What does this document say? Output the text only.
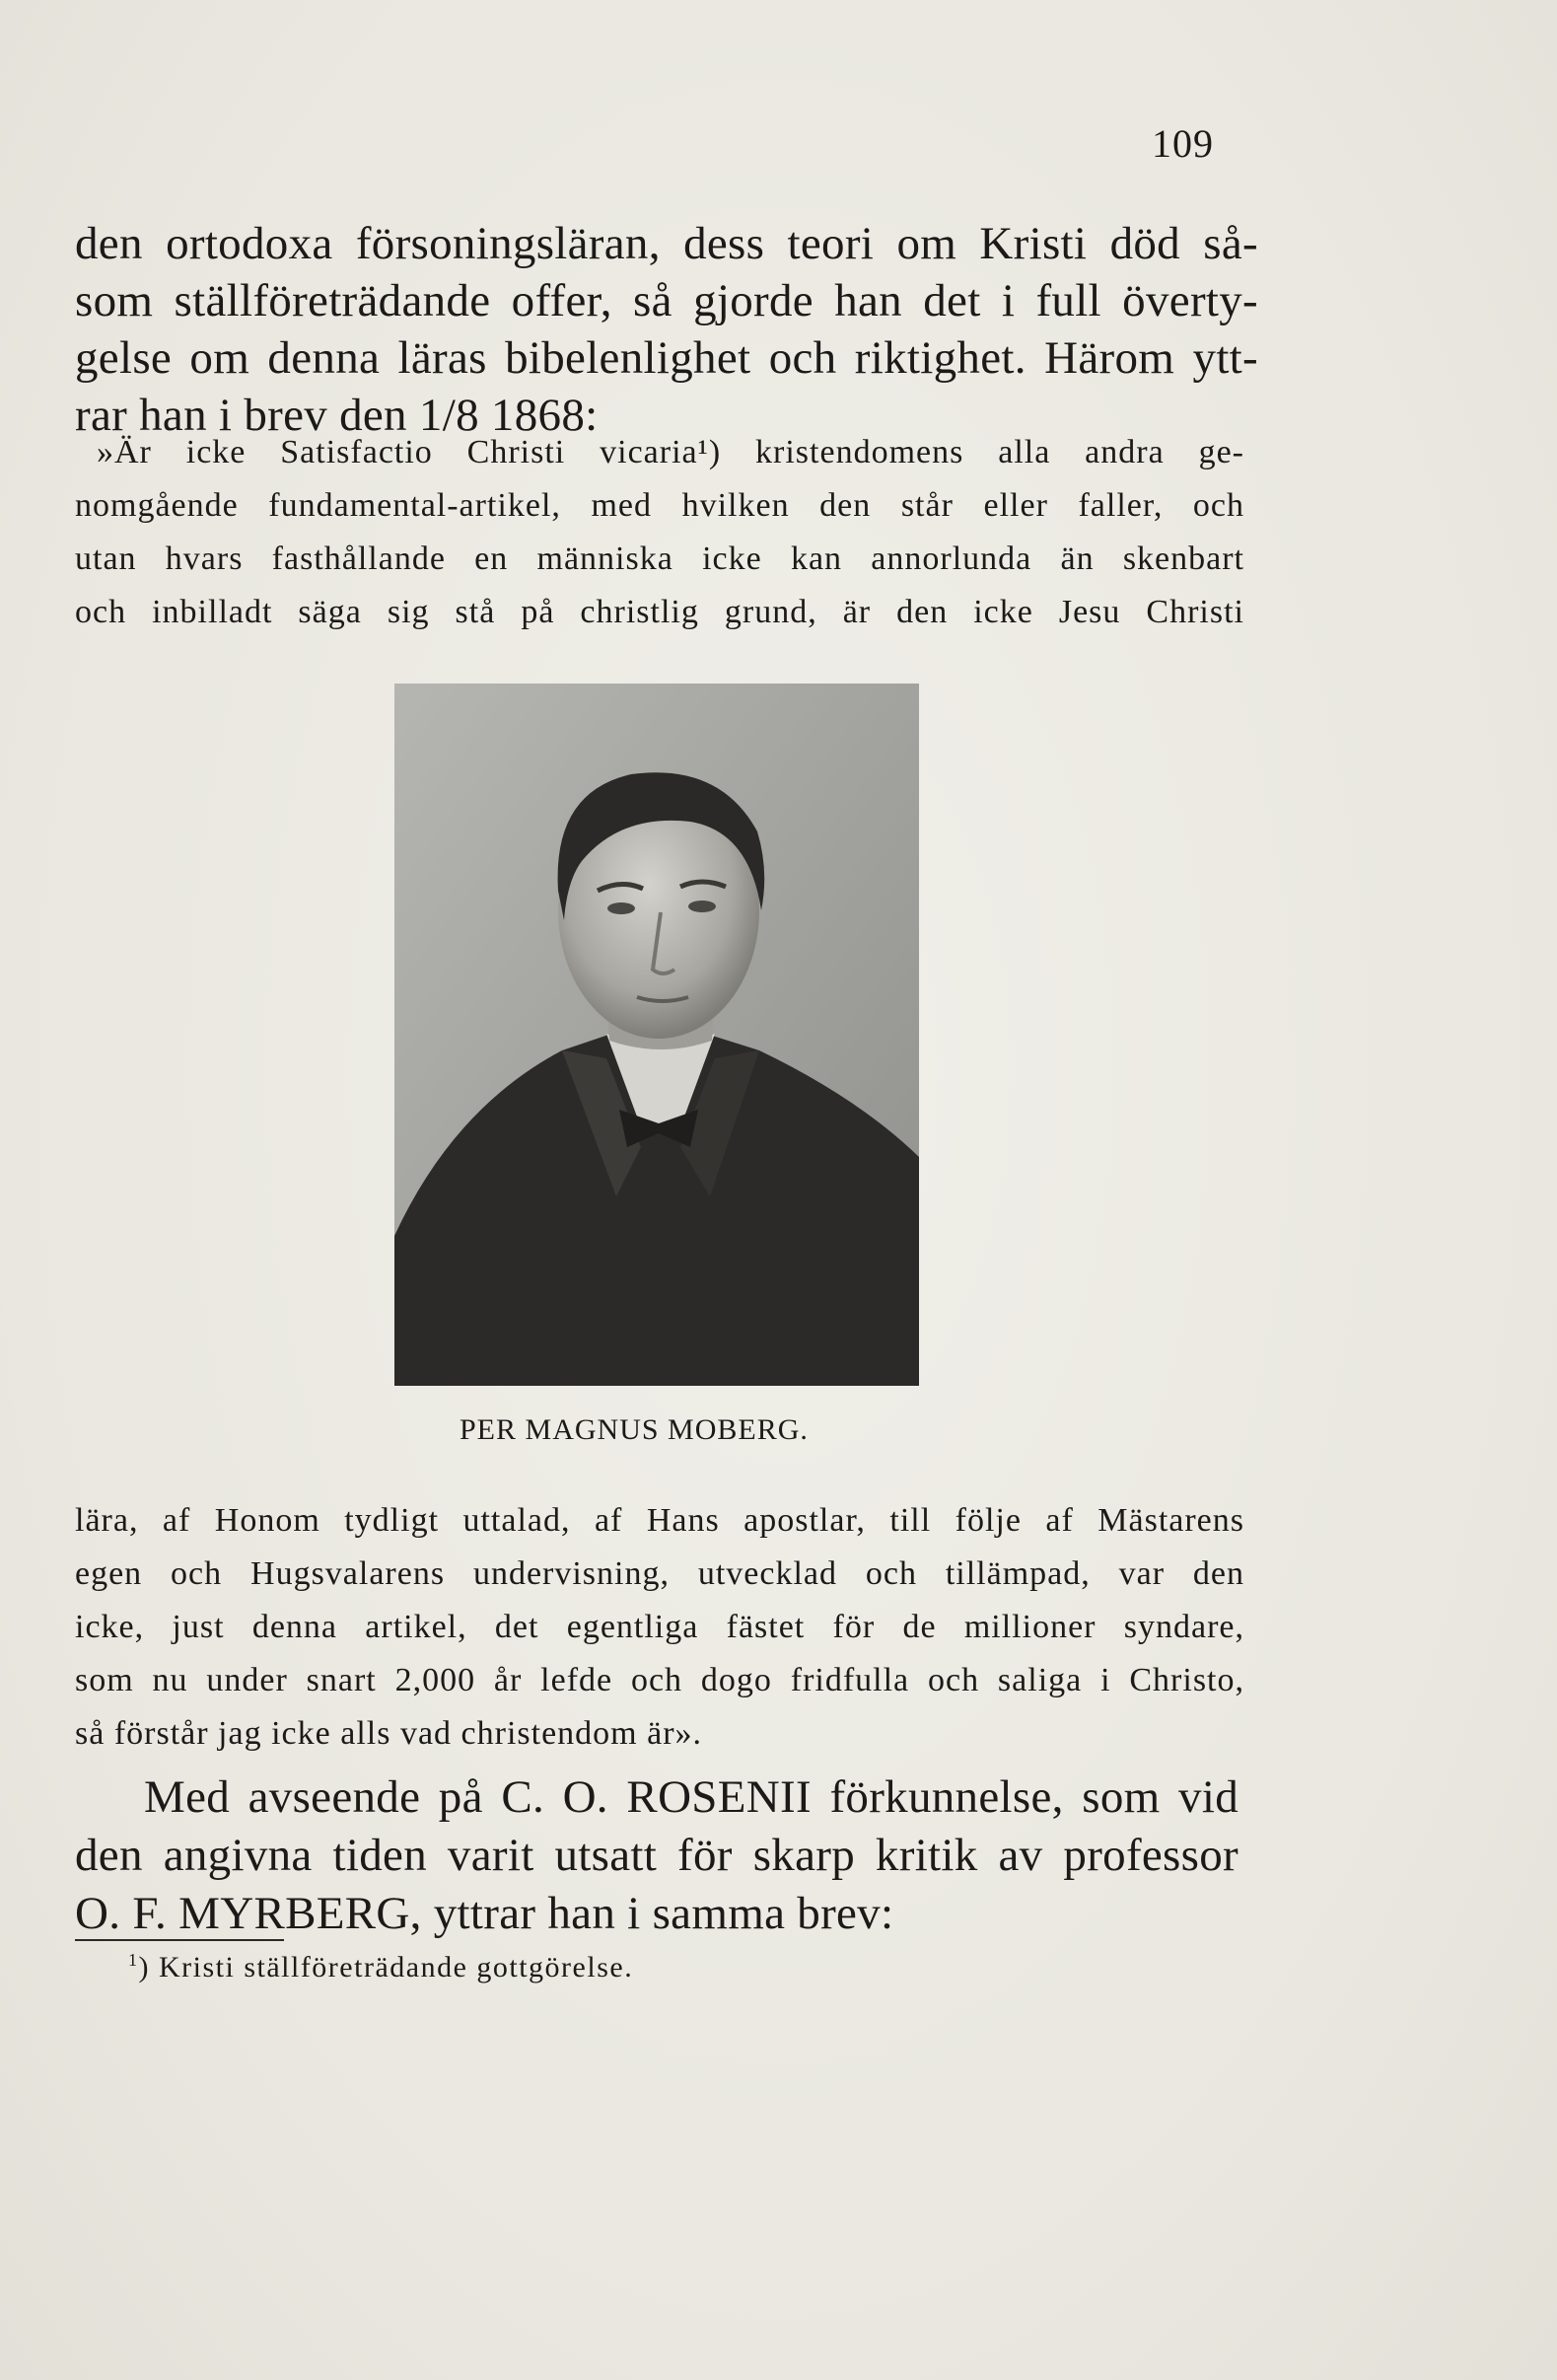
109
den ortodoxa försoningsläran, dess teori om Kristi död så-
som ställföreträdande offer, så gjorde han det i full överty-
gelse om denna läras bibelenlighet och riktighet. Härom ytt-
rar han i brev den 1/8 1868:
»Är icke Satisfactio Christi vicaria¹) kristendomens alla andra ge-
nomgående fundamental-artikel, med hvilken den står eller faller, och
utan hvars fasthållande en människa icke kan annorlunda än skenbart
och inbilladt säga sig stå på christlig grund, är den icke Jesu Christi
PER MAGNUS MOBERG.
lära, af Honom tydligt uttalad, af Hans apostlar, till följe af Mästarens
egen och Hugsvalarens undervisning, utvecklad och tillämpad, var den
icke, just denna artikel, det egentliga fästet för de millioner syndare,
som nu under snart 2,000 år lefde och dogo fridfulla och saliga i Christo,
så förstår jag icke alls vad christendom är».
Med avseende på C. O. ROSENII förkunnelse, som vid
den angivna tiden varit utsatt för skarp kritik av professor
O. F. MYRBERG, yttrar han i samma brev:
$^1$) Kristi ställföreträdande gottgörelse.
